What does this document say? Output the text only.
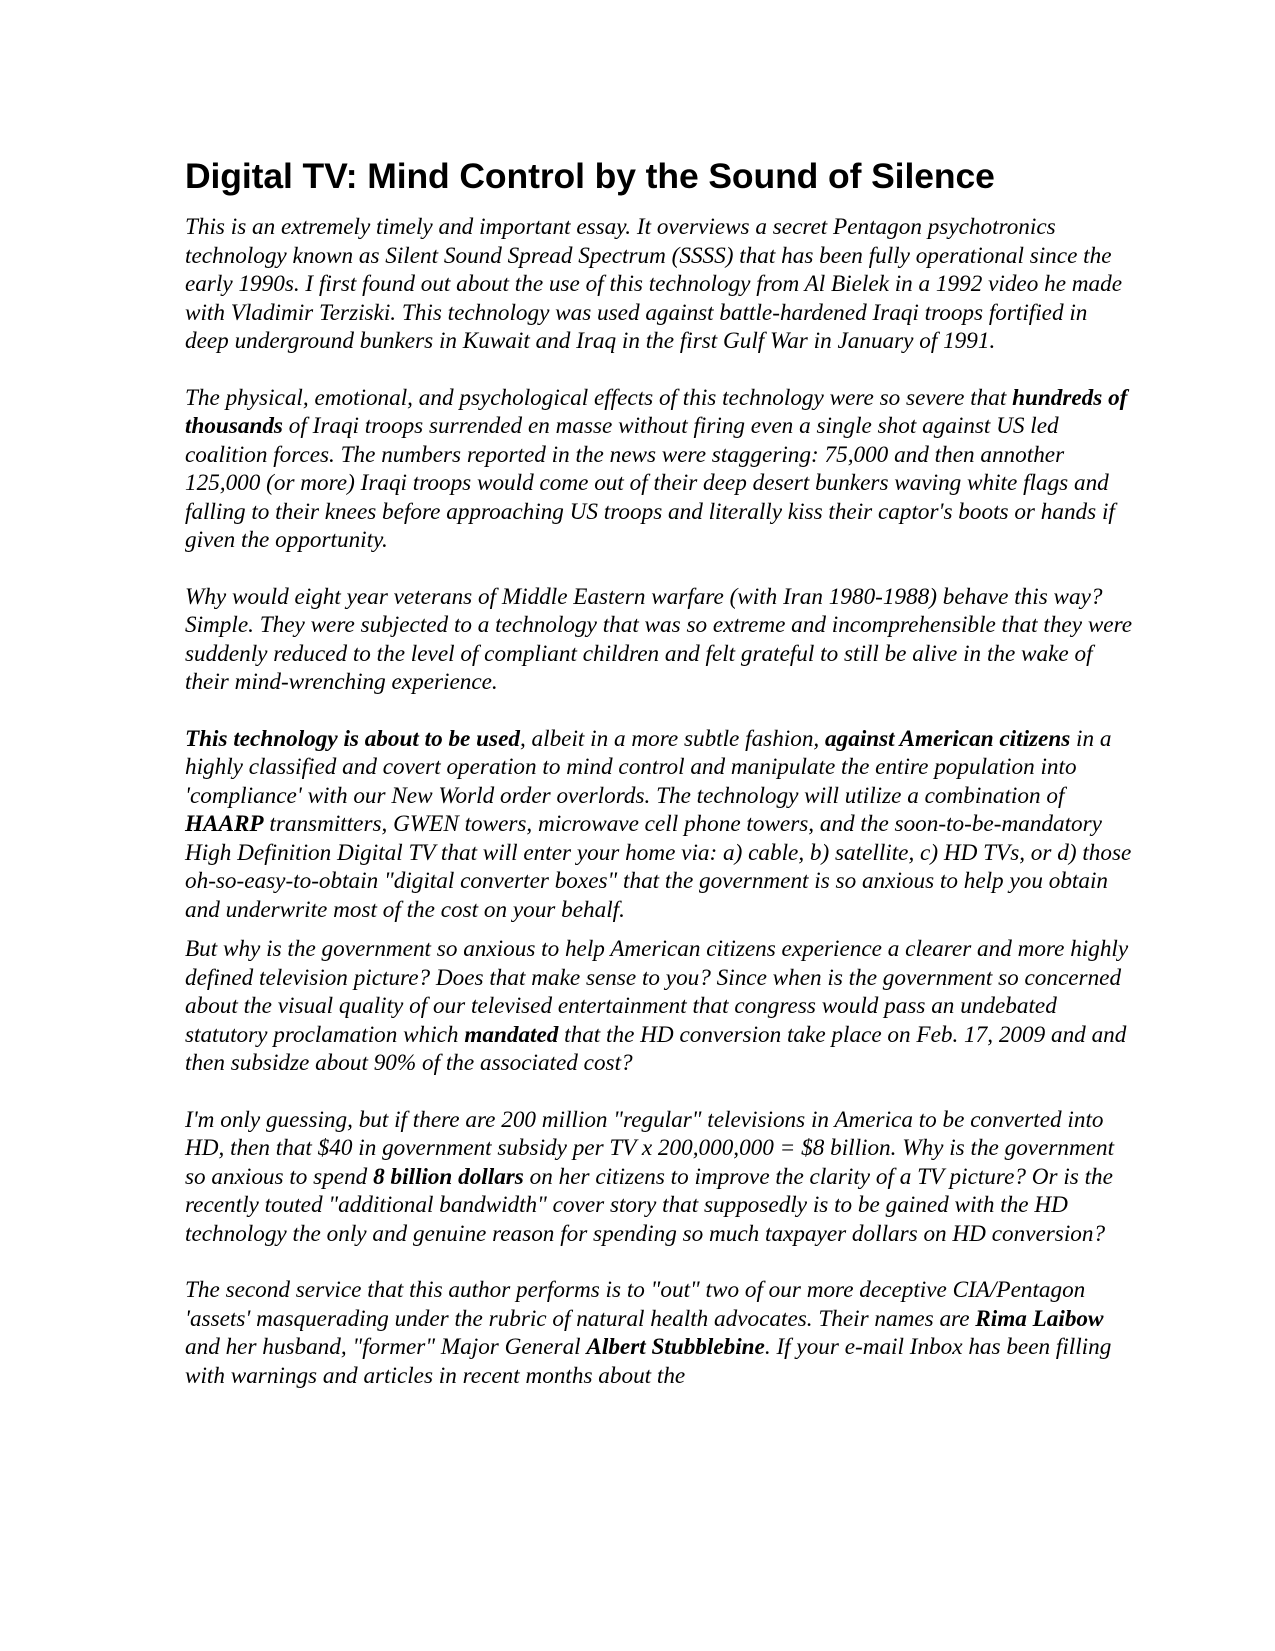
Digital TV: Mind Control by the Sound of Silence

This is an extremely timely and important essay. It overviews a secret Pentagon psychotronics technology known as Silent Sound Spread Spectrum (SSSS) that has been fully operational since the early 1990s. I first found out about the use of this technology from Al Bielek in a 1992 video he made with Vladimir Terziski. This technology was used against battle-hardened Iraqi troops fortified in deep underground bunkers in Kuwait and Iraq in the first Gulf War in January of 1991.

The physical, emotional, and psychological effects of this technology were so severe that hundreds of thousands of Iraqi troops surrended en masse without firing even a single shot against US led coalition forces. The numbers reported in the news were staggering: 75,000 and then annother 125,000 (or more) Iraqi troops would come out of their deep desert bunkers waving white flags and falling to their knees before approaching US troops and literally kiss their captor's boots or hands if given the opportunity.

Why would eight year veterans of Middle Eastern warfare (with Iran 1980-1988) behave this way? Simple. They were subjected to a technology that was so extreme and incomprehensible that they were suddenly reduced to the level of compliant children and felt grateful to still be alive in the wake of their mind-wrenching experience.

This technology is about to be used, albeit in a more subtle fashion, against American citizens in a highly classified and covert operation to mind control and manipulate the entire population into 'compliance' with our New World order overlords. The technology will utilize a combination of HAARP transmitters, GWEN towers, microwave cell phone towers, and the soon-to-be-mandatory High Definition Digital TV that will enter your home via: a) cable, b) satellite, c) HD TVs, or d) those oh-so-easy-to-obtain "digital converter boxes" that the government is so anxious to help you obtain and underwrite most of the cost on your behalf.

But why is the government so anxious to help American citizens experience a clearer and more highly defined television picture? Does that make sense to you? Since when is the government so concerned about the visual quality of our televised entertainment that congress would pass an undebated statutory proclamation which mandated that the HD conversion take place on Feb. 17, 2009 and and then subsidze about 90% of the associated cost?

I'm only guessing, but if there are 200 million "regular" televisions in America to be converted into HD, then that $40 in government subsidy per TV x 200,000,000 = $8 billion. Why is the government so anxious to spend 8 billion dollars on her citizens to improve the clarity of a TV picture? Or is the recently touted "additional bandwidth" cover story that supposedly is to be gained with the HD technology the only and genuine reason for spending so much taxpayer dollars on HD conversion?

The second service that this author performs is to "out" two of our more deceptive CIA/Pentagon 'assets' masquerading under the rubric of natural health advocates. Their names are Rima Laibow and her husband, "former" Major General Albert Stubblebine. If your e-mail Inbox has been filling with warnings and articles in recent months about the
